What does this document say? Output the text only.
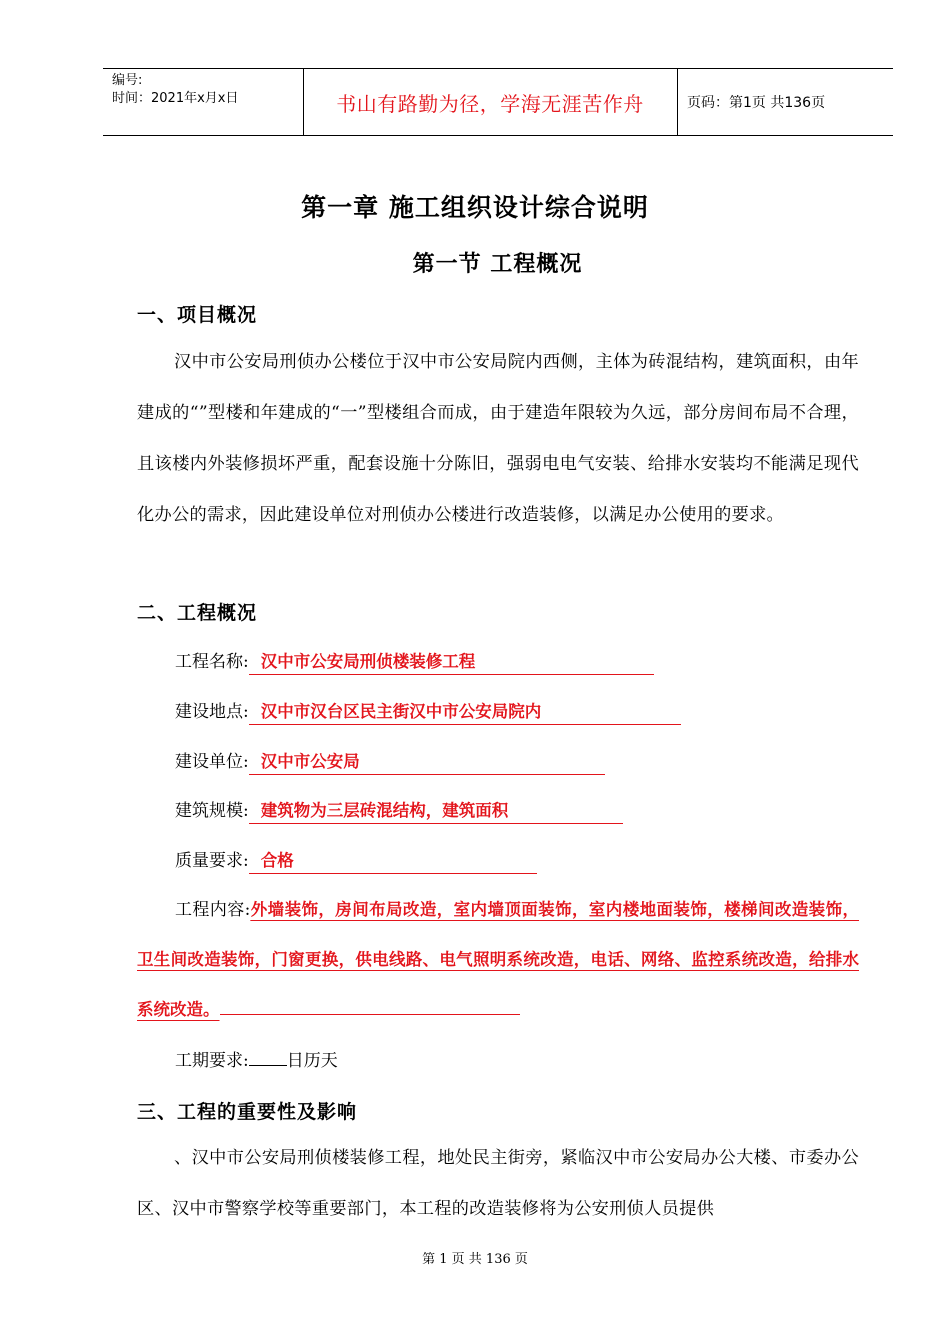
编号:
时间：2021年x月x日	书山有路勤为径，学海无涯苦作舟	页码：第1页 共136页
第一章 施工组织设计综合说明
第一节 工程概况
一、项目概况
汉中市公安局刑侦办公楼位于汉中市公安局院内西侧，主体为砖混结构，建筑面积，由年建成的“”型楼和年建成的“一”型楼组合而成，由于建造年限较为久远，部分房间布局不合理，且该楼内外装修损坏严重，配套设施十分陈旧，强弱电电气安装、给排水安装均不能满足现代化办公的需求，因此建设单位对刑侦办公楼进行改造装修，以满足办公使用的要求。
二、工程概况
工程名称: 汉中市公安局刑侦楼装修工程
建设地点: 汉中市汉台区民主街汉中市公安局院内
建设单位: 汉中市公安局
建筑规模: 建筑物为三层砖混结构，建筑面积
质量要求: 合格
工程内容:外墙装饰，房间布局改造，室内墙顶面装饰，室内楼地面装饰，楼梯间改造装饰，卫生间改造装饰，门窗更换，供电线路、电气照明系统改造，电话、网络、监控系统改造，给排水系统改造。
工期要求: 日历天
三、工程的重要性及影响
、汉中市公安局刑侦楼装修工程，地处民主街旁，紧临汉中市公安局办公大楼、市委办公区、汉中市警察学校等重要部门，本工程的改造装修将为公安刑侦人员提供
第 1 页 共 136 页
